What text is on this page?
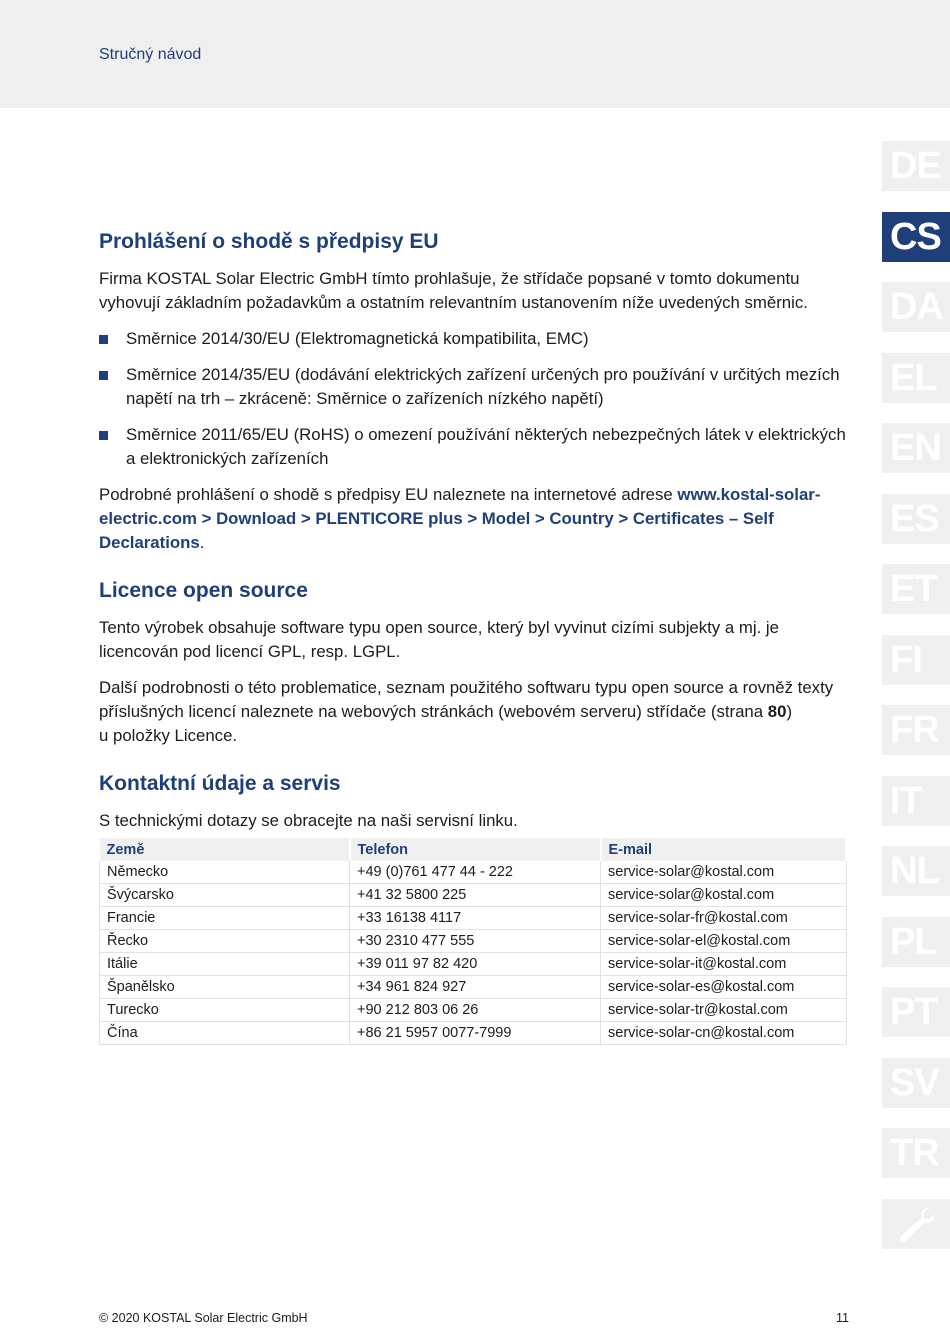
Stručný návod
Prohlášení o shodě s předpisy EU

Firma KOSTAL Solar Electric GmbH tímto prohlašuje, že střídače popsané v tomto dokumentu vyhovují základním požadavkům a ostatním relevantním ustanovením níže uvedených směrnic.

Směrnice 2014/30/EU (Elektromagnetická kompatibilita, EMC)
Směrnice 2014/35/EU (dodávání elektrických zařízení určených pro používání v určitých mezích napětí na trh – zkráceně: Směrnice o zařízeních nízkého napětí)
Směrnice 2011/65/EU (RoHS) o omezení používání některých nebezpečných látek v elektrických a elektronických zařízeních

Podrobné prohlášení o shodě s předpisy EU naleznete na internetové adrese www.kostal-solar-electric.com > Download > PLENTICORE plus > Model > Country > Certificates – Self Declarations.

Licence open source

Tento výrobek obsahuje software typu open source, který byl vyvinut cizími subjekty a mj. je licencován pod licencí GPL, resp. LGPL.

Další podrobnosti o této problematice, seznam použitého softwaru typu open source a rovněž texty příslušných licencí naleznete na webových stránkách (webovém serveru) střídače (strana 80)
u položky Licence.

Kontaktní údaje a servis

S technickými dotazy se obracejte na naši servisní linku.

Země	Telefon	E-mail
Německo	+49 (0)761 477 44 - 222	service-solar@kostal.com
Švýcarsko	+41 32 5800 225	service-solar@kostal.com
Francie	+33 16138 4117	service-solar-fr@kostal.com
Řecko	+30 2310 477 555	service-solar-el@kostal.com
Itálie	+39 011 97 82 420	service-solar-it@kostal.com
Španělsko	+34 961 824 927	service-solar-es@kostal.com
Turecko	+90 212 803 06 26	service-solar-tr@kostal.com
Čína	+86 21 5957 0077-7999	service-solar-cn@kostal.com
DE
CS
DA
EL
EN
ES
ET
FI
FR
IT
NL
PL
PT
SV
TR
© 2020 KOSTAL Solar Electric GmbH	11
